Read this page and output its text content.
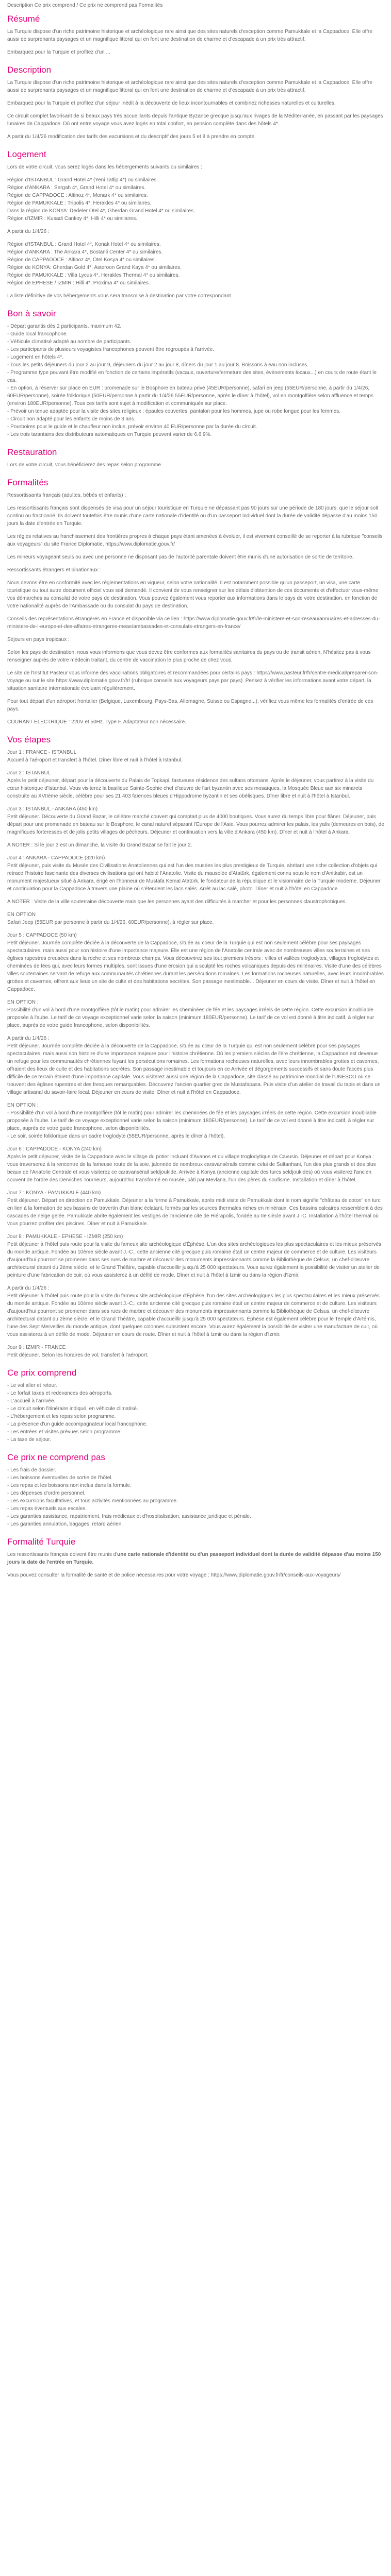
Description Ce prix comprend / Ce prix ne comprend pas Formalités
Résumé

La Turquie dispose d'un riche patrimoine historique et archéologique rare ainsi que des sites naturels d'exception comme Pamukkale et la Cappadoce. Elle offre aussi de surprenants paysages et un magnifique littoral qui en font une destination de charme et d'escapade à un prix très attractif.

Embarquez pour la Turquie et profitez d'un ...

Description

La Turquie dispose d'un riche patrimoine historique et archéologique rare ainsi que des sites naturels d'exception comme Pamukkale et la Cappadoce. Elle offre aussi de surprenants paysages et un magnifique littoral qui en font une destination de charme et d'escapade à un prix très attractif.

Embarquez pour la Turquie et profitez d'un séjour inédit à la découverte de lieux incontournables et combinez richesses naturelles et culturelles.

Ce circuit complet favorisant de si beaux pays très accueillants depuis l'antique Byzance grecque jusqu'aux rivages de la Méditerranée, en passant par les paysages lunaires de Cappadoce. Dû ont entre voyage vous avez logés en total confort, en pension complète dans des hôtels 4*.

A partir du 1/4/26 modification des tarifs des excursions et du descriptif des jours 5 et 8 à prendre en compte.

Logement

Lors de votre circuit, vous serez logés dans les hébergements suivants ou similaires :

Région d'ISTANBUL : Grand Hotel 4* (Yeni Tatlip 4*) ou similaires.
Région d'ANKARA : Sergah 4*, Grand Hotel 4* ou similaires.
Région de CAPPADOCE : Altinoz 4*, Monark 4* ou similaires.
Région de PAMUKKALE : Tripolis 4*, Herakles 4* ou similaires.
Dans la région de KONYA: Dedeler Otel 4*, Gherdan Grand Hotel 4* ou similaires.
Région d'IZMIR : Kusadi Cankoy 4*, Hilli 4* ou similaires.

A partir du 1/4/26 :

Région d'ISTANBUL : Grand Hotel 4*, Konak Hotel 4* ou similaires.
Région d'ANKARA : The Ankara 4*, Bostanli Center 4* ou similaires.
Région de CAPPADOCE : Altinoz 4*, Otel Kosya 4* ou similaires.
Région de KONYA: Gherdan Gold 4*, Asteroon Grand Kaya 4* ou similaires.
Région de PAMUKKALE : Villa Lycus 4*, Herakles Thermal 4* ou similaires.
Région de EPHESE / IZMIR : Hilli 4*, Proxima 4* ou similaires.

La liste définitive de vos hébergements vous sera transmise à destination par votre correspondant.

Bon à savoir
- Départ garantis dès 2 participants, maximum 42.
- Guide local francophone.
- Véhicule climatisé adapté au nombre de participants.
- Les participants de plusieurs voyagistes francophones peuvent être regroupés à l'arrivée.
- Logement en hôtels 4*.
- Tous les petits déjeuners du jour 2 au jour 9, déjeuners du jour 2 au jour 8, dîners du jour 1 au jour 8. Boissons à eau non incluses.
- Programme type pouvant être modifié en fonction de certains impératifs (vacaux, ouverture/fermeture des sites, évènements locaux...) en cours de route étant le cas.
- En option, à réserver sur place en EUR : promenade sur le Bosphore en bateau privé (45EUR/personne), safari en jeep (55EUR/personne, à partir du 1/4/26, 60EUR/personne), soirée folklorique (50EUR/personne à partir du 1/4/26 55EUR/personne, après le dîner à l'hôtel), vol en montgolfière selon affluence et temps (environ 180EUR/personne). Tous ces tarifs sont sujet à modification et communiqués sur place.
- Prévoir un tenue adaptée pour la visite des sites religieux : épaules couvertes, pantalon pour les hommes, jupe ou robe longue pour les femmes.
- Circuit non adapté pour les enfants de moins de 3 ans.
- Pourboires pour le guide et le chauffeur non inclus, prévoir environ 40 EUR/personne par la durée du circuit.
- Les trois tarantains des distributeurs automatiques en Turquie peuvent varier de 6,6 9%.
Restauration

Lors de votre circuit, vous bénéficierez des repas selon programme.

Formalités

Ressortissants français (adultes, bébés et enfants) :

Les ressortissants français sont dispensés de visa pour un séjour touristique en Turquie ne dépassant pas 90 jours sur une période de 180 jours, que le séjour soit continu ou fractionné. Ils doivent toutefois être munis d'une carte nationale d'identité ou d'un passeport individuel dont la durée de validité dépasse d'au moins 150 jours la date d'entrée en Turquie.

Les règles relatives au franchissement des frontières propres à chaque pays étant amenées à évoluer, il est vivement conseillé de se reporter à la rubrique "conseils aux voyageurs" du site France Diplomatie, https://www.diplomatie.gouv.fr/

Les mineurs voyageant seuls ou avec une personne ne disposant pas de l'autorité parentale doivent être munis d'une autorisation de sortie de territoire.

Ressortissants étrangers et binationaux :

Nous devons être en conformité avec les réglementations en vigueur, selon votre nationalité. Il est notamment possible qu'un passeport, un visa, une carte touristique ou tout autre document officiel vous soit demandé. Il convient de vous renseigner sur les délais d'obtention de ces documents et d'effectuer vous-même vos démarches au consulat de votre pays de destination. Vous pouvez également vous reporter aux informations dans le pays de votre destination, en fonction de votre nationalité auprès de l'Ambassade ou du consulat du pays de destination.

Conseils des représentations étrangères en France et disponible via ce lien : https://www.diplomatie.gouv.fr/fr/le-ministere-et-son-reseau/annuaires-et-adresses-du-ministere-de-l-europe-et-des-affaires-etrangeres-meae/ambassades-et-consulats-etrangers-en-france/

Séjours en pays tropicaux :

Selon les pays de destination, nous vous informons que vous devez être conformes aux formalités sanitaires du pays ou de transit aérien. N'hésitez pas à vous renseigner auprès de votre médecin traitant, du centre de vaccination le plus proche de chez vous.

Le site de l'Institut Pasteur vous informe des vaccinations obligatoires et recommandées pour certains pays : https://www.pasteur.fr/fr/centre-medical/preparer-son-voyage ou sur le site https://www.diplomatie.gouv.fr/fr/ (rubrique conseils aux voyageurs pays par pays). Pensez à vérifier les informations avant votre départ, la situation sanitaire internationale évoluant régulièrement.

Pour tout départ d'un aéroport frontalier (Belgique, Luxembourg, Pays-Bas, Allemagne, Suisse ou Espagne...), vérifiez vous même les formalités d'entrée de ces pays.

COURANT ELECTRIQUE : 220V et 50Hz. Type F. Adaptateur non nécessaire.

Vos étapes
Jour 1 : FRANCE - ISTANBUL
Accueil à l'aéroport et transfert à l'hôtel. Dîner libre et nuit à l'hôtel à Istanbul.
Jour 2 : ISTANBUL
Après le petit déjeuner, départ pour la découverte du Palais de Topkapi, fastueuse résidence des sultans ottomans. Après le déjeuner, vous partirez à la visite du cœur historique d'Istanbul. Vous visiterez la basilique Sainte-Sophie chef d'œuvre de l'art byzantin avec ses mosaïques, la Mosquée Bleue aux six minarets construite au XVIIème siècle, célèbre pour ses 21 403 faïences bleues d'Hippodrome byzantin et ses obélisques. Dîner libre et nuit à l'hôtel à Istanbul.
Jour 3 : ISTANBUL - ANKARA (450 km)
Petit déjeuner. Découverte du Grand Bazar, le célèbre marché couvert qui comptait plus de 4000 boutiques. Vous aurez du temps libre pour flâner. Déjeuner, puis départ pour une promenade en bateau sur le Bosphore, le canal naturel séparant l'Europe de l'Asie. Vous pourrez admirer les palais, les yalis (demeures en bois), de magnifiques forteresses et de jolis petits villages de pêcheurs. Déjeuner et continuation vers la ville d'Ankara (450 km). Dîner et nuit à l'hôtel à Ankara.
A NOTER : Si le jour 3 est un dimanche, la visite du Grand Bazar se fait le jour 2.
Jour 4 : ANKARA - CAPPADOCE (320 km)
Petit déjeuner, puis visite du Musée des Civilisations Anatoliennes qui est l'un des musées les plus prestigieux de Turquie, abritant une riche collection d'objets qui retrace l'histoire fascinante des diverses civilisations qui ont habité l'Anatolie. Visite du mausolée d'Atatürk, également connu sous le nom d'Anitkabir, est un monument majestueux situé à Ankara, érigé en l'honneur de Mustafa Kemal Atatürk, le fondateur de la république et le visionnaire de la Turquie moderne. Déjeuner et continuation pour la Cappadoce à travers une plaine où s'étendent les lacs salés. Arrêt au lac salé, photo. Dîner et nuit à l'hôtel en Cappadoce.
A NOTER : Visite de la ville souterraine découverte mais que les personnes ayant des difficultés à marcher et pour les personnes claustrophobiques.
EN OPTION
Safari Jeep (55EUR par personne à partir du 1/4/26, 60EUR/personne), à régler sur place.
Jour 5 : CAPPADOCE (50 km)
Petit déjeuner. Journée complète dédiée à la découverte de la Cappadoce, située au coeur de la Turquie qui est non seulement célèbre pour ses paysages spectaculaires, mais aussi pour son histoire d'une importance majeure. Elle est une région de l'Anatolie centrale avec de nombreuses villes souterraines et ses églises rupestres creusées dans la roche et ses nombreux champs. Vous découvrirez ses tout premiers trésors : villes et vallées troglodytes, villages troglodytes et cheminées de fées qui, avec leurs formes multiples, sont issues d'une érosion qui a sculpté les roches volcaniques depuis des millénaires. Visite d'une des célèbres villes souterraines servant de refuge aux communautés chrétiennes durant les persécutions romaines. Les formations rocheuses naturelles, avec leurs innombrables grottes et cavernes, offrent aux lieux un site de culte et des habitations secrètes. Son passage inestimable... Déjeuner en cours de visite. Dîner et nuit à l'hôtel en Cappadoce.
EN OPTION :
Possibilité d'un vol à bord d'une montgolfière (tôt le matin) pour admirer les cheminées de fée et les paysages irréels de cette région. Cette excursion inoubliable proposée à l'aube. Le tarif de ce voyage exceptionnel varie selon la saison (minimum 180EUR/personne). Le tarif de ce vol est donné à titre indicatif, à régler sur place, auprès de votre guide francophone, selon disponibilités.
A partir du 1/4/26 :
Petit déjeuner. Journée complète dédiée à la découverte de la Cappadoce, située au cœur de la Turquie qui est non seulement célèbre pour ses paysages spectaculaires, mais aussi son histoire d'une importance majeure pour l'histoire chrétienne. Dû les premiers siècles de l'ère chrétienne, la Cappadoce est devenue un refuge pour les communautés chrétiennes fuyant les persécutions romaines. Les formations rocheuses naturelles, avec leurs innombrables grottes et cavernes, offraient des lieux de culte et des habitations secrètes. Son passage inestimable et toujours en ce Arrivée et dégorgements successifs et sans doute l'accès plus difficile de ce terrain étaient d'une importance capitale. Vous visiterez aussi une région de la Cappadoce, site classé au patrimoine mondial de l'UNESCO où se trouvent des églises rupestres et des fresques remarquables. Découvrez l'ancien quartier grec de Mustafapasa. Puis visite d'un atelier de travail du tapis et dans un village artisanal du savoir-faire local. Déjeuner en cours de visite. Dîner et nuit à l'hôtel en Cappadoce.
EN OPTION :
- Possibilité d'un vol à bord d'une montgolfière (tôt le matin) pour admirer les cheminées de fée et les paysages irréels de cette région. Cette excursion inoubliable proposée à l'aube. Le tarif de ce voyage exceptionnel varie selon la saison (minimum 180EUR/personne). Le tarif de ce vol est donné à titre indicatif, à régler sur place, auprès de votre guide francophone, selon disponibilités.
- Le soir, soirée folklorique dans un cadre troglodyte (55EUR/personne, après le dîner à l'hôtel).
Jour 6 : CAPPADOCE - KONYA (240 km)
Après le petit déjeuner, visite de la Cappadoce avec le village du potier incluant d'Avanos et du village troglodytique de Cavusin. Déjeuner et départ pour Konya : vous traverserez à la rencontre de la fameuse route de la soie, jalonnée de nombreux caravansérails comme celui de Sultanhani, l'un des plus grands et des plus beaux de l'Anatolie Centrale et vous visiterez ce caravansérail seldjoukide. Arrivée à Konya (ancienne capitale des turcs seldjoukides) où vous visiterez l'ancien couvent de l'ordre des Derviches Tourneurs, aujourd'hui transformé en musée, bâti par Mevlana, l'un des pères du soufisme. Installation et dîner à l'hôtel.
Jour 7 : KONYA - PAMUKKALE (440 km)
Petit déjeuner. Départ en direction de Pamukkale. Déjeuner a la ferme à Pamukkale, après midi visite de Pamukkale dont le nom signifie "château de coton" en turc en lien à la formation de ses bassins de travertin d'un blanc éclatant, formés par les sources thermales riches en minéraux. Ces bassins calcaires ressemblent à des cascades de neige gelée. Pamukkale abrite également les vestiges de l'ancienne cité de Hiérapolis, fondée au IIe siècle avant J.-C. Installation à l'hôtel thermal où vous pourrez profiter des piscines. Dîner et nuit à Pamukkale.
Jour 8 : PAMUKKALE - EPHESE - IZMIR (250 km)
Petit déjeuner à l'hôtel puis route pour la visite du fameux site archéologique d'Éphèse. L'un des sites archéologiques les plus spectaculaires et les mieux préservés du monde antique. Fondée au 10ème siècle avant J.-C., cette ancienne cité grecque puis romaine était un centre majeur de commerce et de culture. Les visiteurs d'aujourd'hui pourront se promener dans ses rues de marbre et découvrir des monuments impressionnants comme la Bibliothèque de Celsus, un chef-d'œuvre architectural datant du 2ème siècle, et le Grand Théâtre, capable d'accueillir jusqu'à 25 000 spectateurs. Vous aurez également la possibilité de visiter un atelier de peinture d'une fabrication de cuir, où vous assisterez à un défilé de mode. Dîner et nuit à l'hôtel à Izmir ou dans la région d'Izmir.
A partir du 1/4/26 :
Petit déjeuner à l'hôtel puis route pour la visite du fameux site archéologique d'Éphèse, l'un des sites archéologiques les plus spectaculaires et les mieux préservés du monde antique. Fondée au 10ème siècle avant J.-C., cette ancienne cité grecque puis romaine était un centre majeur de commerce et de culture. Les visiteurs d'aujourd'hui pourront se promener dans ses rues de marbre et découvrir des monuments impressionnants comme la Bibliothèque de Celsus, un chef-d'œuvre architectural datant du 2ème siècle, et le Grand Théâtre, capable d'accueillir jusqu'à 25 000 spectateurs. Éphèse est également célèbre pour le Temple d'Artémis, l'une des Sept Merveilles du monde antique, dont quelques colonnes subsistent encore. Vous aurez également la possibilité de visiter une manufacture de cuir, où vous assisterez à un défilé de mode. Déjeuner en cours de route. Dîner et nuit à l'hôtel à Izmir ou dans la région d'Izmir.
Jour 9 : IZMIR - FRANCE
Petit déjeuner. Selon les horaires de vol, transfert à l'aéroport.
Ce prix comprend
- Le vol aller et retour.
- Le forfait taxes et redevances des aéroports.
- L'accueil à l'arrivée.
- Le circuit selon l'itinéraire indiqué, en véhicule climatisé.
- L'hébergement et les repas selon programme.
- La présence d'un guide accompagnateur local francophone.
- Les entrées et visites prévues selon programme.
- La taxe de séjour.
Ce prix ne comprend pas
- Les frais de dossier.
- Les boissons éventuelles de sortie de l'hôtel.
- Les repas et les boissons non inclus dans la formule.
- Les dépenses d'ordre personnel.
- Les excursions facultatives, et tous activités mentionnées au programme.
- Les repas éventuels aux escales.
- Les garanties assistance, rapatriement, frais médicaux et d'hospitalisation, assistance juridique et pénale.
- Les garanties annulation, bagages, retard aérien.
Formalité Turquie

Les ressortissants français doivent être munis d'une carte nationale d'identité ou d'un passeport individuel dont la durée de validité dépasse d'au moins 150 jours la date de l'entrée en Turquie.

Vous pouvez consulter la formalité de santé et de police nécessaires pour votre voyage : https://www.diplomatie.gouv.fr/fr/conseils-aux-voyageurs/
